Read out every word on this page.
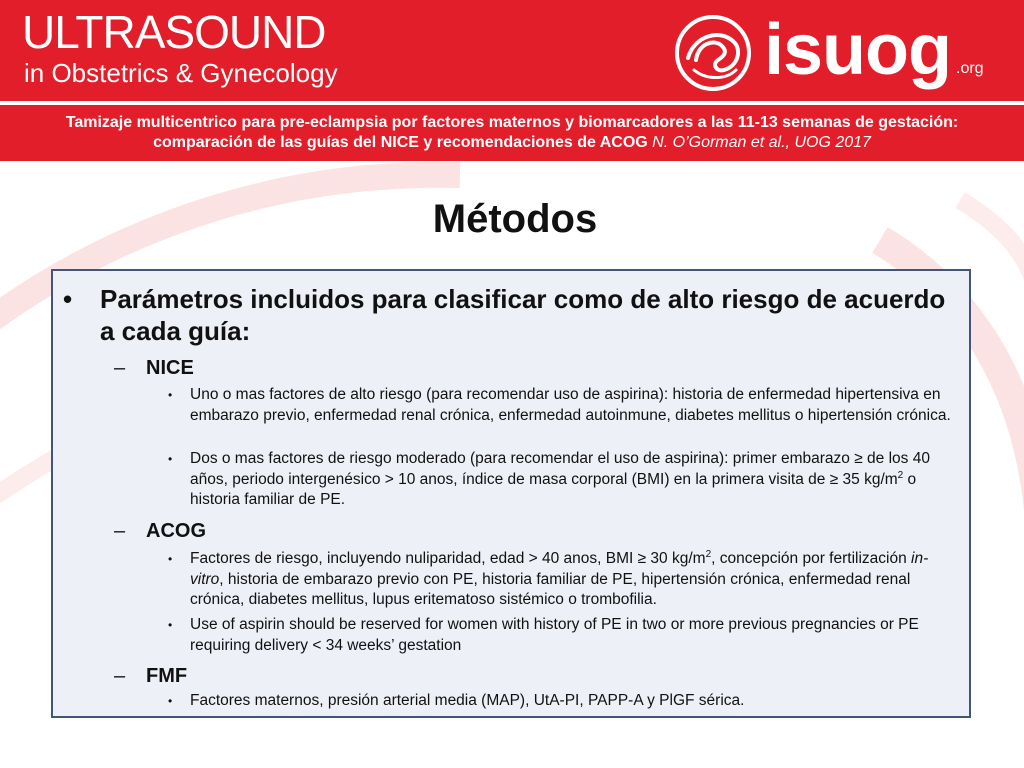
ULTRASOUND

in Obstetrics & Gynecology	isuog .org

Tamizaje multicentrico para pre-eclampsia por factores maternos y biomarcadores a las 11-13 semanas de gestación:

comparación de las guías del NICE y recomendaciones de ACOG N. O’Gorman et al., UOG 2017

Métodos
• Parámetros incluidos para clasificar como de alto riesgo de acuerdo a cada guía:
– NICE
• Uno o mas factores de alto riesgo (para recomendar uso de aspirina): historia de enfermedad hipertensiva en embarazo previo, enfermedad renal crónica, enfermedad autoinmune, diabetes mellitus o hipertensión crónica.
• Dos o mas factores de riesgo moderado (para recomendar el uso de aspirina): primer embarazo ≥ de los 40 años, periodo intergenésico > 10 anos, índice de masa corporal (BMI) en la primera visita de ≥ 35 $kg/m^2$ o historia familiar de PE.
– ACOG
• Factores de riesgo, incluyendo nuliparidad, edad > 40 anos, BMI ≥ 30 $kg/m^2$, concepción por fertilización in-vitro, historia de embarazo previo con PE, historia familiar de PE, hipertensión crónica, enfermedad renal crónica, diabetes mellitus, lupus eritematoso sistémico o trombofilia.
• Use of aspirin should be reserved for women with history of PE in two or more previous pregnancies or PE requiring delivery < 34 weeks’ gestation
– FMF
• Factores maternos, presión arterial media (MAP), UtA-PI, PAPP-A y PlGF sérica.
